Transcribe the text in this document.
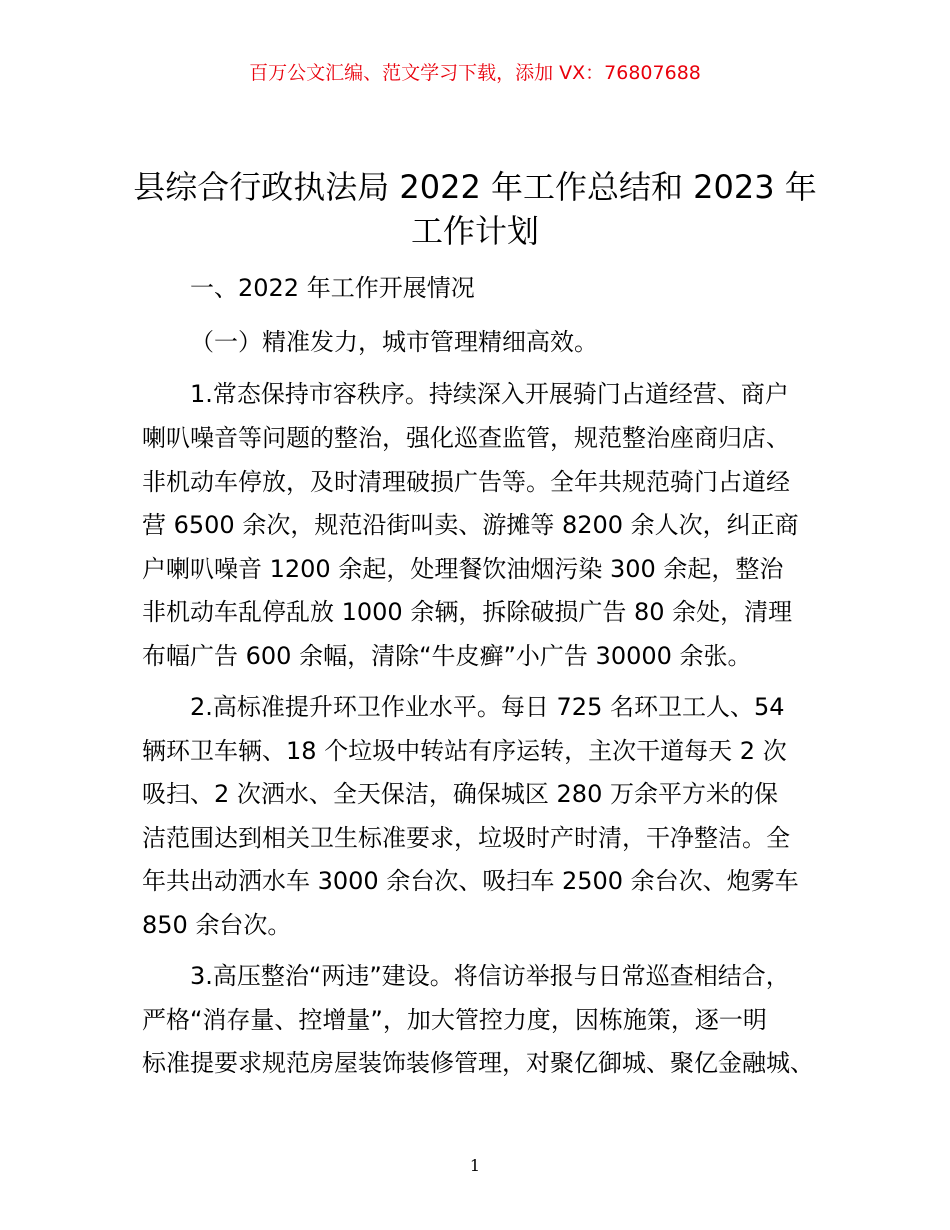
百万公文汇编、范文学习下载，添加 VX：76807688
县综合行政执法局 2022 年工作总结和 2023 年
工作计划
一、2022 年工作开展情况
（一）精准发力，城市管理精细高效。
1.常态保持市容秩序。持续深入开展骑门占道经营、商户
喇叭噪音等问题的整治，强化巡查监管，规范整治座商归店、
非机动车停放，及时清理破损广告等。全年共规范骑门占道经
营 6500 余次，规范沿街叫卖、游摊等 8200 余人次，纠正商
户喇叭噪音 1200 余起，处理餐饮油烟污染 300 余起，整治
非机动车乱停乱放 1000 余辆，拆除破损广告 80 余处，清理
布幅广告 600 余幅，清除“牛皮癣”小广告 30000 余张。
2.高标准提升环卫作业水平。每日 725 名环卫工人、54
辆环卫车辆、18 个垃圾中转站有序运转，主次干道每天 2 次
吸扫、2 次洒水、全天保洁，确保城区 280 万余平方米的保
洁范围达到相关卫生标准要求，垃圾时产时清，干净整洁。全
年共出动洒水车 3000 余台次、吸扫车 2500 余台次、炮雾车
850 余台次。
3.高压整治“两违”建设。将信访举报与日常巡查相结合，
严格“消存量、控增量”，加大管控力度，因栋施策，逐一明
标准提要求规范房屋装饰装修管理，对聚亿御城、聚亿金融城、
1
